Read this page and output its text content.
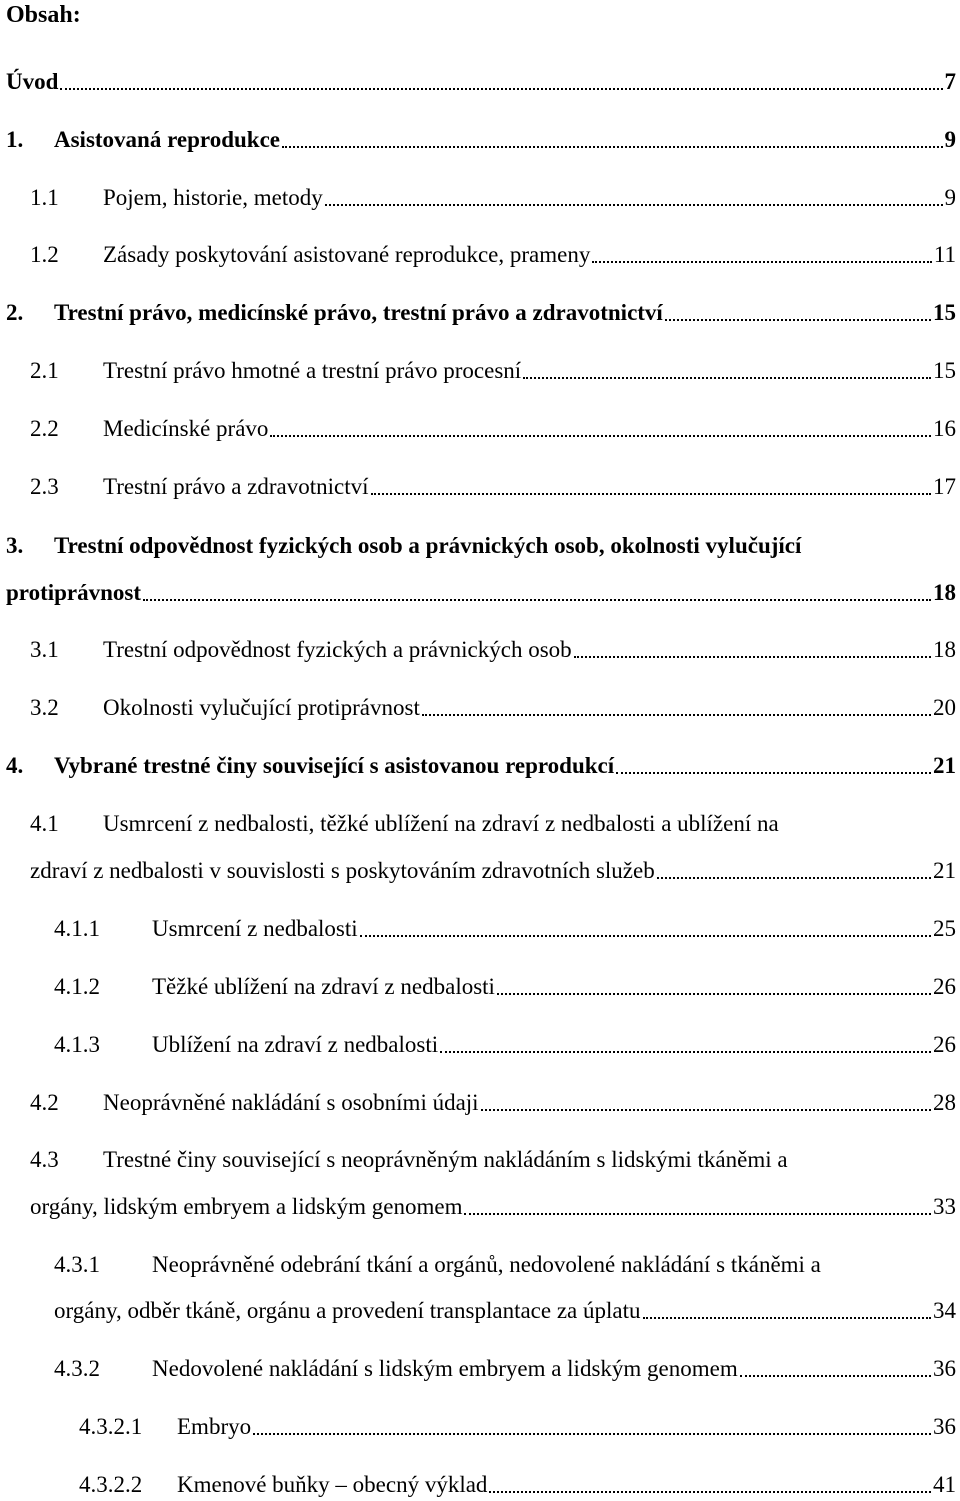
Obsah:
Úvod	7
1.	Asistovaná reprodukce	9
1.1	Pojem, historie, metody	9
1.2	Zásady poskytování asistované reprodukce, prameny	11
2.	Trestní právo, medicínské právo, trestní právo a zdravotnictví	15
2.1	Trestní právo hmotné a trestní právo procesní	15
2.2	Medicínské právo	16
2.3	Trestní právo a zdravotnictví	17
3. Trestní odpovědnost fyzických osob a právnických osob, okolnosti vylučující
protiprávnost	18
3.1	Trestní odpovědnost fyzických a právnických osob	18
3.2	Okolnosti vylučující protiprávnost	20
4.	Vybrané trestné činy související s asistovanou reprodukcí	21
4.1 Usmrcení z nedbalosti, těžké ublížení na zdraví z nedbalosti a ublížení na
zdraví z nedbalosti v souvislosti s poskytováním zdravotních služeb	21
4.1.1	Usmrcení z nedbalosti	25
4.1.2	Těžké ublížení na zdraví z nedbalosti	26
4.1.3	Ublížení na zdraví z nedbalosti	26
4.2	Neoprávněné nakládání s osobními údaji	28
4.3 Trestné činy související s neoprávněným nakládáním s lidskými tkáněmi a
orgány, lidským embryem a lidským genomem	33
4.3.1 Neoprávněné odebrání tkání a orgánů, nedovolené nakládání s tkáněmi a
orgány, odběr tkáně, orgánu a provedení transplantace za úplatu	34
4.3.2	Nedovolené nakládání s lidským embryem a lidským genomem	36
4.3.2.1	Embryo	36
4.3.2.2	Kmenové buňky – obecný výklad	41
